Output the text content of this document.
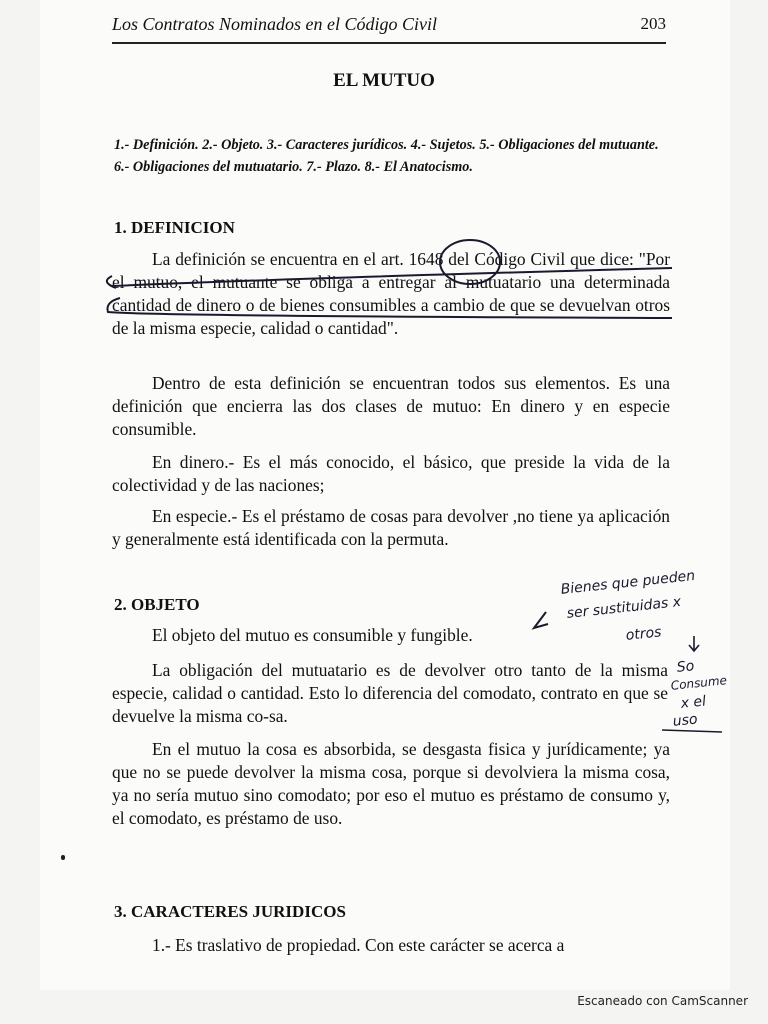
Los Contratos Nominados en el Código Civil	203
EL MUTUO
1.- Definición. 2.- Objeto. 3.- Caracteres jurídicos. 4.- Sujetos. 5.- Obligaciones del mutuante. 6.- Obligaciones del mutuatario. 7.- Plazo. 8.- El Anatocismo.
1. DEFINICION

La definición se encuentra en el art. 1648 del Código Civil que dice: "Por el mutuo, el mutuante se obliga a entregar al mutuatario una determinada cantidad de dinero o de bienes consumibles a cambio de que se devuelvan otros de la misma especie, calidad o cantidad".

Dentro de esta definición se encuentran todos sus elementos. Es una definición que encierra las dos clases de mutuo: En dinero y en especie consumible.

En dinero.- Es el más conocido, el básico, que preside la vida de la colectividad y de las naciones;

En especie.- Es el préstamo de cosas para devolver ,no tiene ya aplicación y generalmente está identificada con la permuta.

2. OBJETO

El objeto del mutuo es consumible y fungible.

La obligación del mutuatario es de devolver otro tanto de la misma especie, calidad o cantidad. Esto lo diferencia del comodato, contrato en que se devuelve la misma co-sa.

En el mutuo la cosa es absorbida, se desgasta fisica y jurídicamente; ya que no se puede devolver la misma cosa, porque si devolviera la misma cosa, ya no sería mutuo sino comodato; por eso el mutuo es préstamo de consumo y, el comodato, es préstamo de uso.

3. CARACTERES JURIDICOS

1.- Es traslativo de propiedad. Con este carácter se acerca a

Bienes que pueden
ser sustituidas x
otros
So
Consume
x el
uso
Escaneado con CamScanner
